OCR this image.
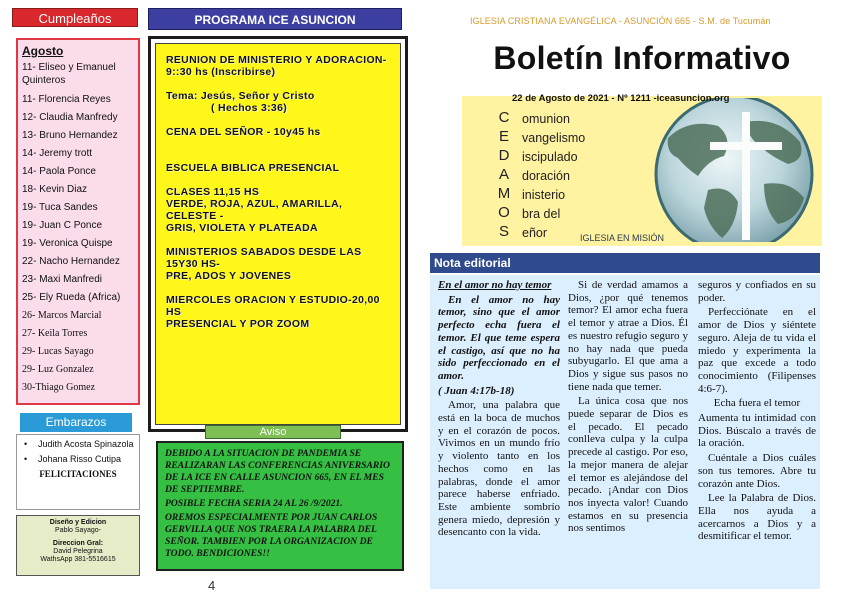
Cumpleaños
Agosto
11- Eliseo y Emanuel Quinteros
11- Florencia Reyes
12- Claudia Manfredy
13- Bruno Hernandez
14- Jeremy trott
14- Paola Ponce
18- Kevin Diaz
19- Tuca Sandes
19- Juan C Ponce
19- Veronica Quispe
22- Nacho Hernandez
23- Maxi Manfredi
25- Ely Rueda (Africa)
26- Marcos Marcial
27- Keila Torres
29- Lucas Sayago
29- Luz Gonzalez
30-Thiago Gomez
Embarazos
• Judith Acosta Spinazola
• Johana Risso Cutipa
FELICITACIONES
Diseño y Edicion
Pablo Sayago-
Direccion Gral:
David Pelegrina
WathsApp 381-5516615
PROGRAMA ICE ASUNCION

REUNION DE MINISTERIO Y ADORACION- 9::30 hs (Inscribirse)

Tema: Jesús, Señor y Cristo

( Hechos 3:36)

CENA DEL SEÑOR - 10y45 hs

ESCUELA BIBLICA PRESENCIAL

CLASES 11,15 HS

VERDE, ROJA, AZUL, AMARILLA, CELESTE -

GRIS, VIOLETA Y PLATEADA

MINISTERIOS SABADOS DESDE LAS 15Y30 HS-

PRE, ADOS Y JOVENES

MIERCOLES ORACION Y ESTUDIO-20,00 HS

PRESENCIAL Y POR ZOOM

DEBIDO A LA SITUACION DE PANDEMIA SE REALIZARAN LAS CONFERENCIAS ANIVERSARIO DE LA ICE EN CALLE ASUNCION 665, EN EL MES DE SEPTIEMBRE.

POSIBLE FECHA SERIA 24 AL 26 /9/2021.

OREMOS ESPECIALMENTE POR JUAN CARLOS GERVILLA QUE NOS TRAERA LA PALABRA DEL SEÑOR. TAMBIEN POR LA ORGANIZACION DE TODO. BENDICIONES!!

Aviso
4
IGLESIA CRISTIANA EVANGÉLICA - ASUNCIÓN 665 - S.M. de Tucumán
Boletín Informativo
C
E
D
A
M
O
S
omunion
vangelismo
iscipulado
doración
inisterio
bra del
eñor
22 de Agosto de 2021 - Nº 1211 -iceasuncion.org
IGLESIA EN MISIÓN
Nota editorial

En el amor no hay temor

En el amor no hay temor, sino que el amor perfecto echa fuera el temor. El que teme espera el castigo, así que no ha sido perfeccionado en el amor.

( Juan 4:17b-18)

Amor, una palabra que está en la boca de muchos y en el corazón de pocos. Vivimos en un mundo frío y violento tanto en los hechos como en las palabras, donde el amor parece haberse enfriado. Este ambiente sombrío genera miedo, depresión y desencanto con la vida.

Si de verdad amamos a Dios, ¿por qué tenemos temor? El amor echa fuera el temor y atrae a Dios. Él es nuestro refugio seguro y no hay nada que pueda subyugarlo. El que ama a Dios y sigue sus pasos no tiene nada que temer.

La única cosa que nos puede separar de Dios es el pecado. El pecado conlleva culpa y la culpa precede al castigo. Por eso, la mejor manera de alejar el temor es alejándose del pecado. ¡Andar con Dios nos inyecta valor! Cuando estamos en su presencia nos sentimos

seguros y confiados en su poder.

Perfecciónate en el amor de Dios y siéntete seguro. Aleja de tu vida el miedo y experimenta la paz que excede a todo conocimiento (Filipenses 4:6-7).

Echa fuera el temor

Aumenta tu intimidad con Dios. Búscalo a través de la oración.

Cuéntale a Dios cuáles son tus temores. Abre tu corazón ante Dios.

Lee la Palabra de Dios. Ella nos ayuda a acercarnos a Dios y a desmitificar el temor.
